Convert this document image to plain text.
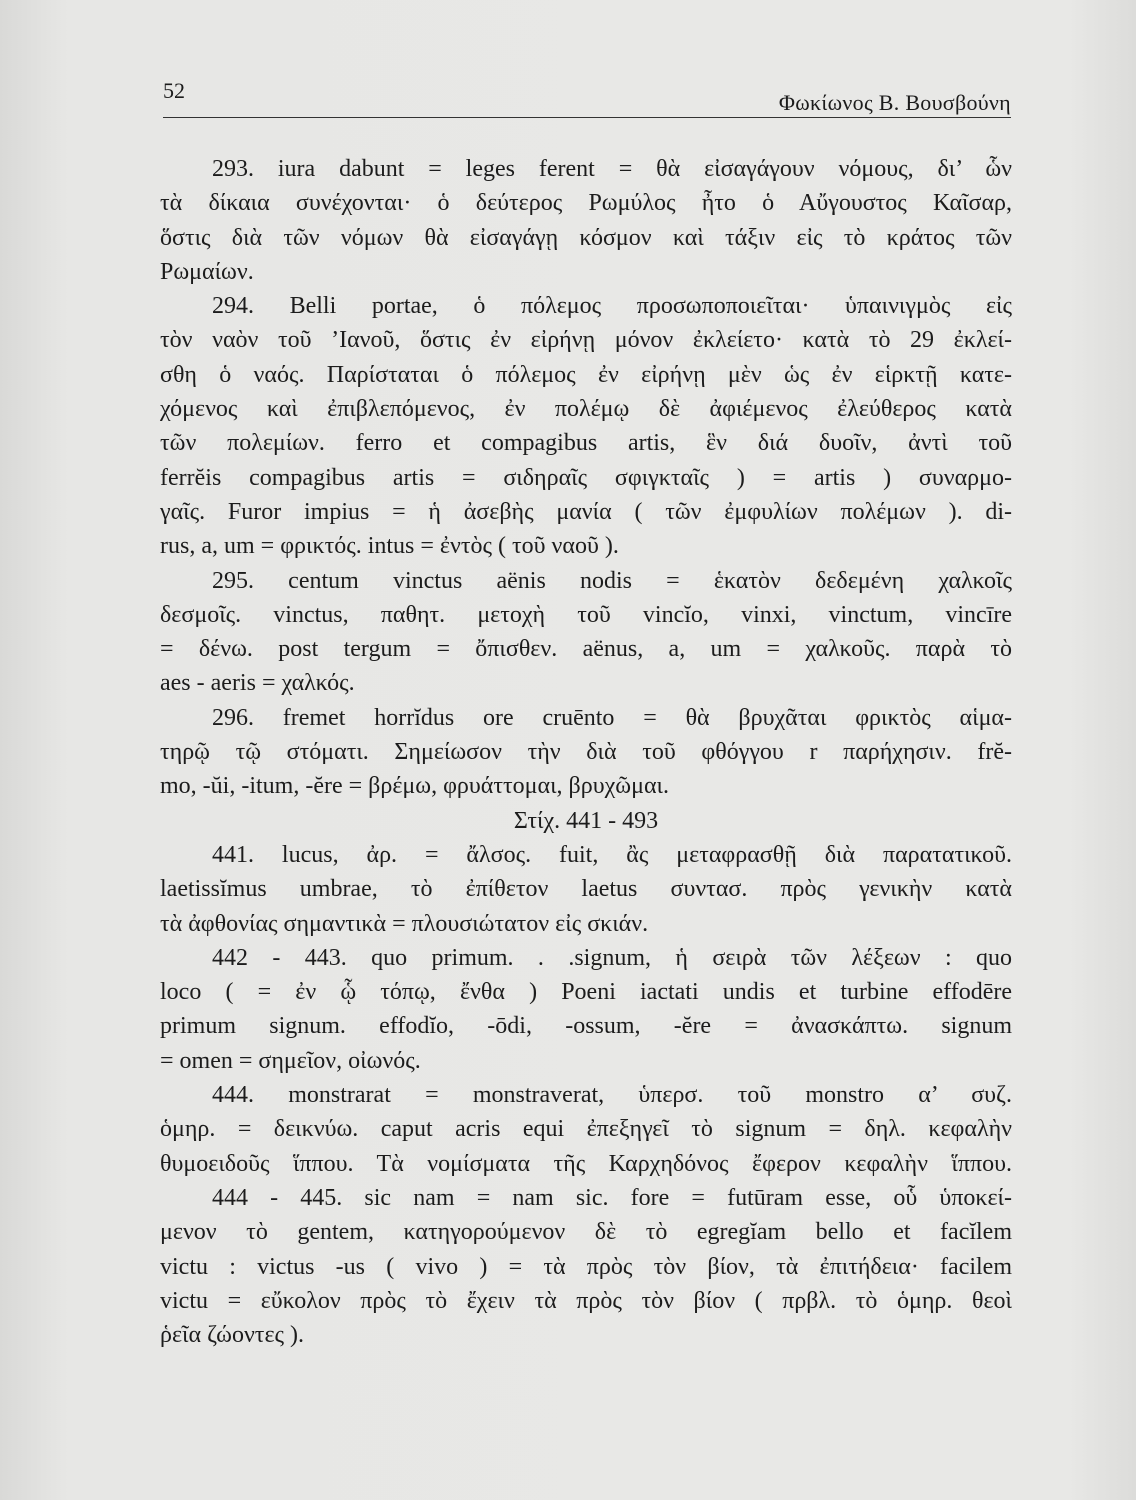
52	Φωκίωνος Β. Βουσβούνη
293. iura dabunt = leges ferent = θὰ εἰσαγάγουν νόμους, δι’ ὧν
τὰ δίκαια συνέχονται· ὁ δεύτερος Ρωμύλος ἦτο ὁ Αὔγουστος Καῖσαρ,
ὅστις διὰ τῶν νόμων θὰ εἰσαγάγῃ κόσμον καὶ τάξιν εἰς τὸ κράτος τῶν
Ρωμαίων.
294. Belli portae, ὁ πόλεμος προσωποποιεῖται· ὑπαινιγμὸς εἰς
τὸν ναὸν τοῦ ’Ιανοῦ, ὅστις ἐν εἰρήνῃ μόνον ἐκλείετο· κατὰ τὸ 29 ἐκλεί-
σθη ὁ ναός. Παρίσταται ὁ πόλεμος ἐν εἰρήνῃ μὲν ὡς ἐν εἱρκτῇ κατε-
χόμενος καὶ ἐπιβλεπόμενος, ἐν πολέμῳ δὲ ἀφιέμενος ἐλεύθερος κατὰ
τῶν πολεμίων. ferro et compagibus artis, ἓν διά δυοῖν, ἀντὶ τοῦ
ferrĕis compagibus artis = σιδηραῖς σφιγκταῖς ) = artis ) συναρμο-
γαῖς. Furor impius = ἡ ἀσεβὴς μανία ( τῶν ἐμφυλίων πολέμων ). di-
rus, a, um = φρικτός. intus = ἐντὸς ( τοῦ ναοῦ ).
295. centum vinctus aënis nodis = ἑκατὸν δεδεμένη χαλκοῖς
δεσμοῖς. vinctus, παθητ. μετοχὴ τοῦ vincĭo, vinxi, vinctum, vincīre
= δένω. post tergum = ὄπισθεν. aënus, a, um = χαλκοῦς. παρὰ τὸ
aes - aeris = χαλκός.
296. fremet horrĭdus ore cruēnto = θὰ βρυχᾶται φρικτὸς αἱμα-
τηρῷ τῷ στόματι. Σημείωσον τὴν διὰ τοῦ φθόγγου r παρήχησιν. frĕ-
mo, -ŭi, -itum, -ĕre = βρέμω, φρυάττομαι, βρυχῶμαι.
Στίχ. 441 - 493
441. lucus, ἀρ. = ἄλσος. fuit, ἂς μεταφρασθῇ διὰ παρατατικοῦ.
laetissĭmus umbrae, τὸ ἐπίθετον laetus συντασ. πρὸς γενικὴν κατὰ
τὰ ἀφθονίας σημαντικὰ = πλουσιώτατον εἰς σκιάν.
442 - 443. quo primum. . .signum, ἡ σειρὰ τῶν λέξεων : quo
loco ( = ἐν ᾧ τόπῳ, ἔνθα ) Poeni iactati undis et turbine effodēre
primum signum. effodĭo, -ōdi, -ossum, -ĕre = ἀνασκάπτω. signum
= omen = σημεῖον, οἰωνός.
444. monstrarat = monstraverat, ὑπερσ. τοῦ monstro α’ συζ.
ὁμηρ. = δεικνύω. caput acris equi ἐπεξηγεῖ τὸ signum = δηλ. κεφαλὴν
θυμοειδοῦς ἵππου. Τὰ νομίσματα τῆς Καρχηδόνος ἔφερον κεφαλὴν ἵππου.
444 - 445. sic nam = nam sic. fore = futūram esse, οὗ ὑποκεί-
μενον τὸ gentem, κατηγορούμενον δὲ τὸ egregĭam bello et facĭlem
victu : victus -us ( vivo ) = τὰ πρὸς τὸν βίον, τὰ ἐπιτήδεια· facilem
victu = εὔκολον πρὸς τὸ ἔχειν τὰ πρὸς τὸν βίον ( πρβλ. τὸ ὁμηρ. θεοὶ
ῥεῖα ζώοντες ).
